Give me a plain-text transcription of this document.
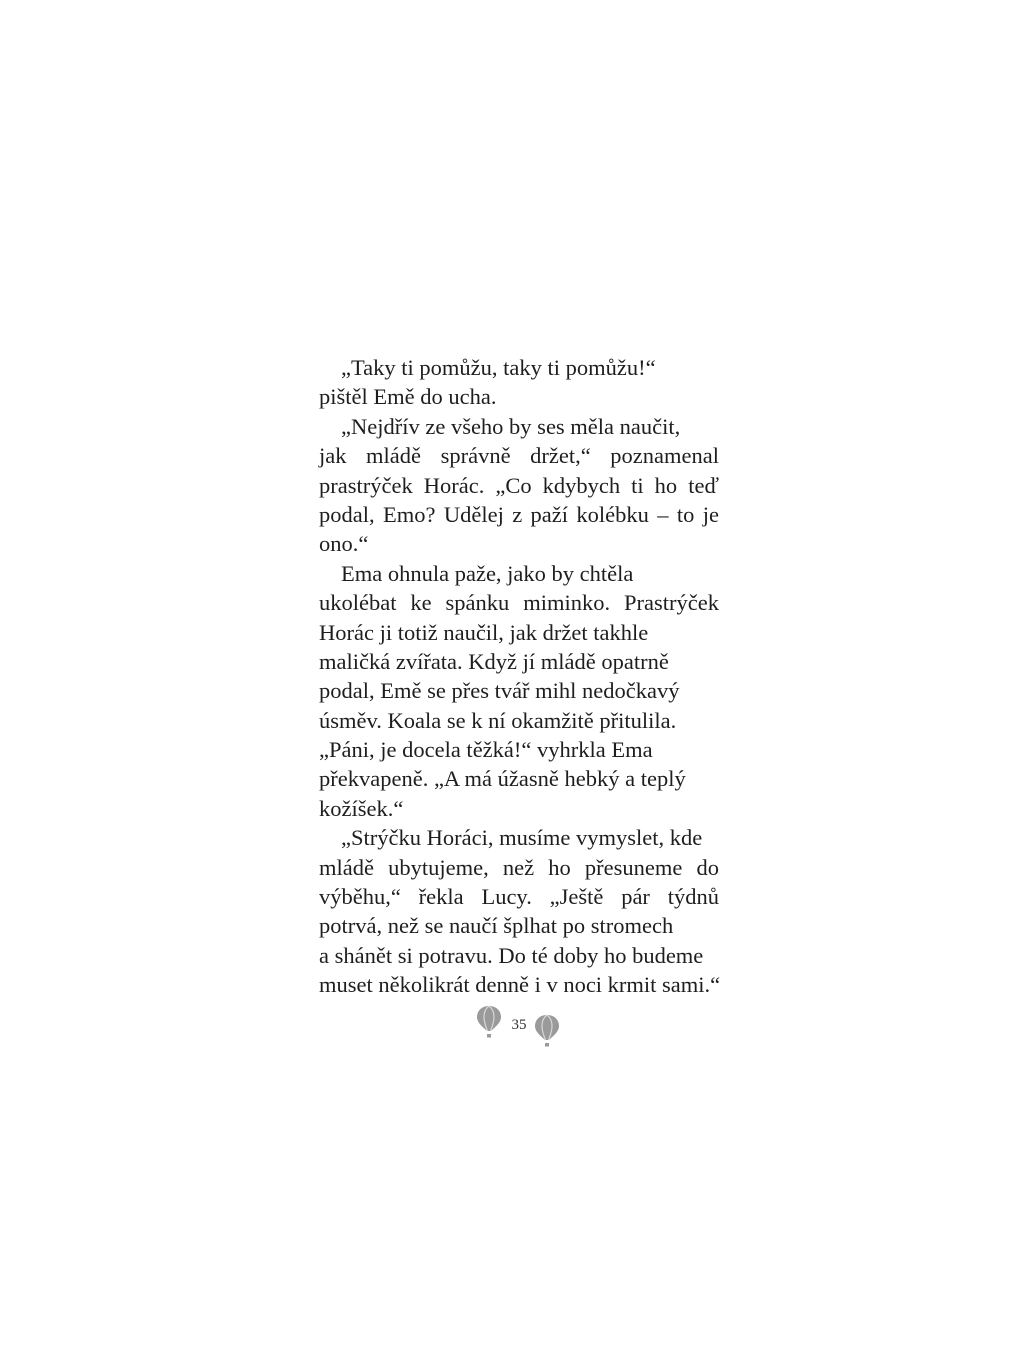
„Taky ti pomůžu, taky ti pomůžu!“
pištěl Emě do ucha.
„Nejdřív ze všeho by ses měla naučit,
jak mládě správně držet,“ poznamenal
prastrýček Horác. „Co kdybych ti ho teď
podal, Emo? Udělej z paží kolébku – to je
ono.“
Ema ohnula paže, jako by chtěla
ukolébat ke spánku miminko. Prastrýček
Horác ji totiž naučil, jak držet takhle
maličká zvířata. Když jí mládě opatrně
podal, Emě se přes tvář mihl nedočkavý
úsměv. Koala se k ní okamžitě přitulila.
„Páni, je docela těžká!“ vyhrkla Ema
překvapeně. „A má úžasně hebký a teplý
kožíšek.“
„Strýčku Horáci, musíme vymyslet, kde
mládě ubytujeme, než ho přesuneme do
výběhu,“ řekla Lucy. „Ještě pár týdnů
potrvá, než se naučí šplhat po stromech
a shánět si potravu. Do té doby ho budeme
muset několikrát denně i v noci krmit sami.“
35
